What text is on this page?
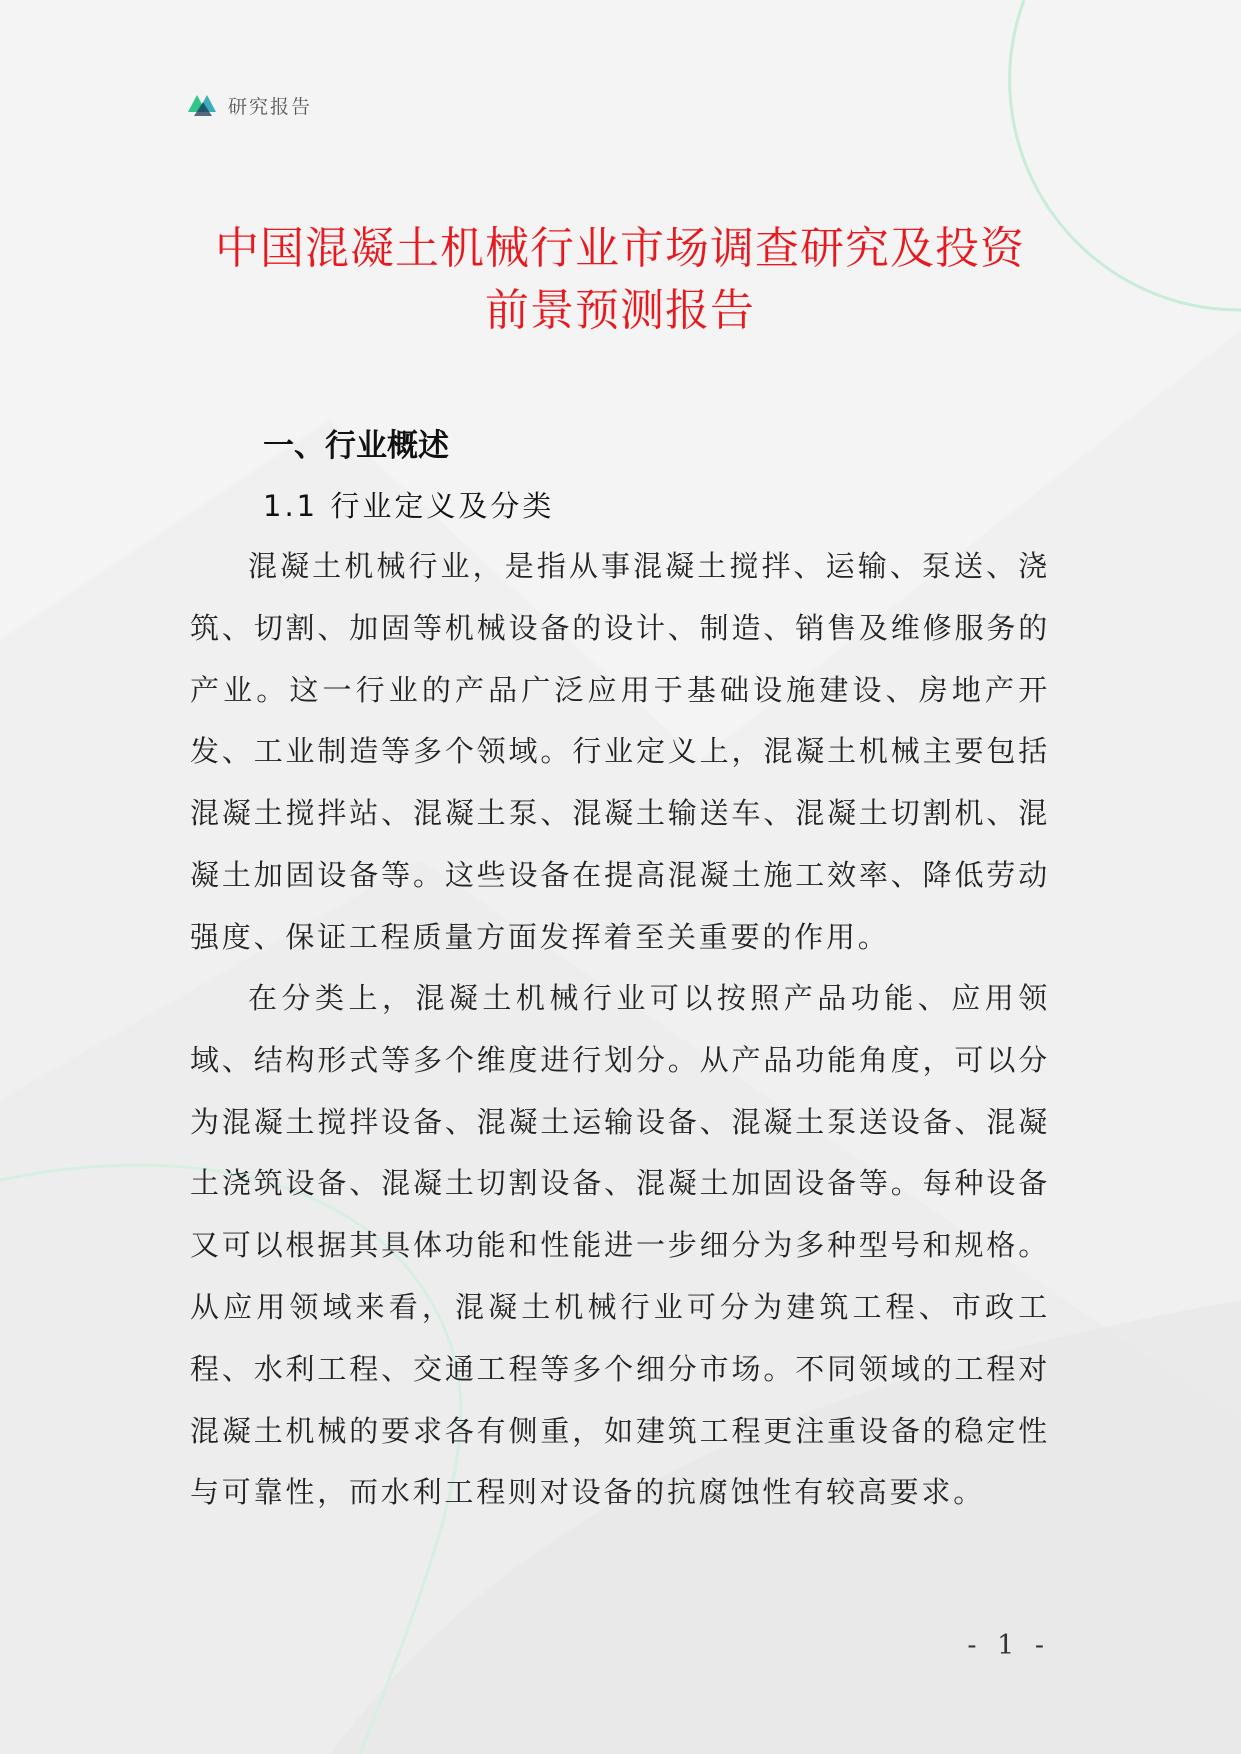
研究报告
中国混凝土机械行业市场调查研究及投资
前景预测报告
一、行业概述
1.1 行业定义及分类

混凝土机械行业，是指从事混凝土搅拌、运输、泵送、浇筑、切割、加固等机械设备的设计、制造、销售及维修服务的产业。这一行业的产品广泛应用于基础设施建设、房地产开发、工业制造等多个领域。行业定义上，混凝土机械主要包括混凝土搅拌站、混凝土泵、混凝土输送车、混凝土切割机、混凝土加固设备等。这些设备在提高混凝土施工效率、降低劳动强度、保证工程质量方面发挥着至关重要的作用。

在分类上，混凝土机械行业可以按照产品功能、应用领域、结构形式等多个维度进行划分。从产品功能角度，可以分为混凝土搅拌设备、混凝土运输设备、混凝土泵送设备、混凝土浇筑设备、混凝土切割设备、混凝土加固设备等。每种设备又可以根据其具体功能和性能进一步细分为多种型号和规格。从应用领域来看，混凝土机械行业可分为建筑工程、市政工程、水利工程、交通工程等多个细分市场。不同领域的工程对混凝土机械的要求各有侧重，如建筑工程更注重设备的稳定性与可靠性，而水利工程则对设备的抗腐蚀性有较高要求。

- 1 -
